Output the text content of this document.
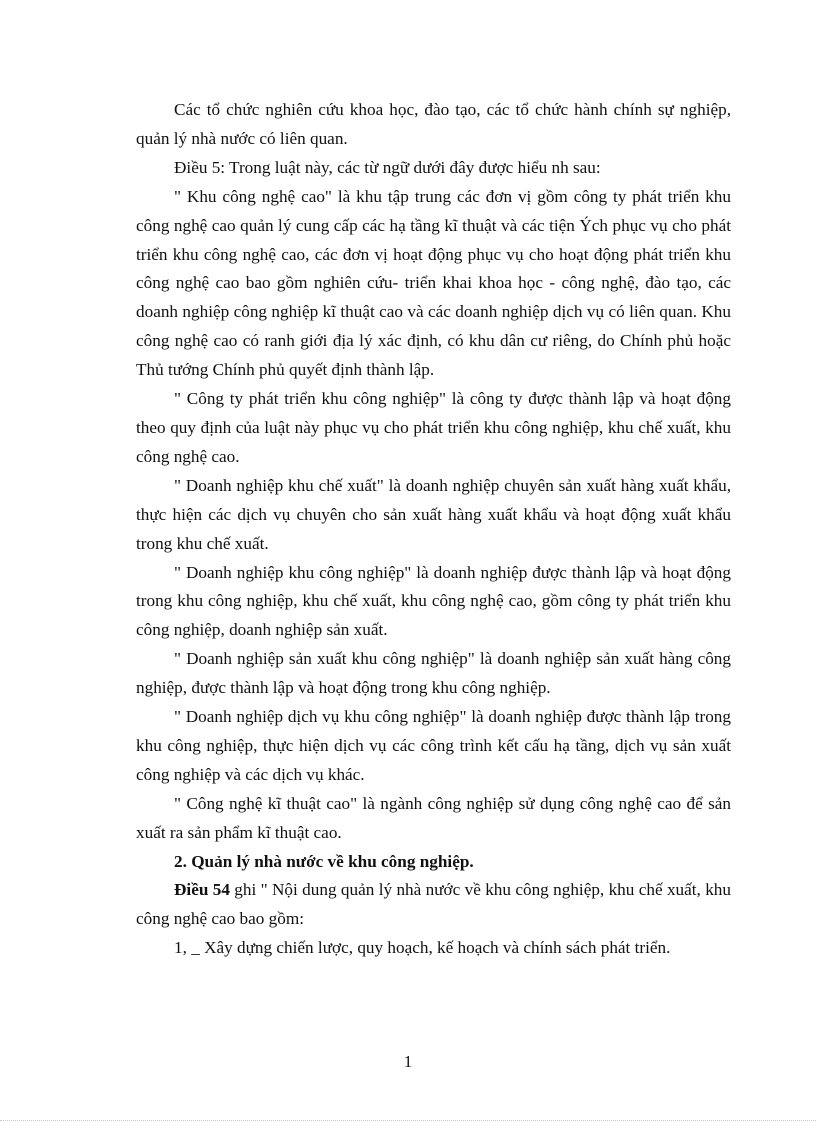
Các tổ chức nghiên cứu khoa học, đào tạo, các tổ chức hành chính sự nghiệp, quản lý nhà nước có liên quan.

Điều 5: Trong luật này, các từ ngữ dưới đây được hiểu nh sau:

" Khu công nghệ cao" là khu tập trung các đơn vị gồm công ty phát triển khu công nghệ cao quản lý cung cấp các hạ tầng kĩ thuật và các tiện Ých phục vụ cho phát triển khu công nghệ cao, các đơn vị hoạt động phục vụ cho hoạt động phát triển khu công nghệ cao bao gồm nghiên cứu- triển khai khoa học - công nghệ, đào tạo, các doanh nghiệp công nghiệp kĩ thuật cao và các doanh nghiệp dịch vụ có liên quan. Khu công nghệ cao có ranh giới địa lý xác định, có khu dân cư riêng, do Chính phủ hoặc Thủ tướng Chính phủ quyết định thành lập.

" Công ty phát triển khu công nghiệp" là công ty được thành lập và hoạt động theo quy định của luật này phục vụ cho phát triển khu công nghiệp, khu chế xuất, khu công nghệ cao.

" Doanh nghiệp khu chế xuất" là doanh nghiệp chuyên sản xuất hàng xuất khẩu, thực hiện các dịch vụ chuyên cho sản xuất hàng xuất khẩu và hoạt động xuất khẩu trong khu chế xuất.

" Doanh nghiệp khu công nghiệp" là doanh nghiệp được thành lập và hoạt động trong khu công nghiệp, khu chế xuất, khu công nghệ cao, gồm công ty phát triển khu công nghiệp, doanh nghiệp sản xuất.

" Doanh nghiệp sản xuất khu công nghiệp" là doanh nghiệp sản xuất hàng công nghiệp, được thành lập và hoạt động trong khu công nghiệp.

" Doanh nghiệp dịch vụ khu công nghiệp" là doanh nghiệp được thành lập trong khu công nghiệp, thực hiện dịch vụ các công trình kết cấu hạ tầng, dịch vụ sản xuất công nghiệp và các dịch vụ khác.

" Công nghệ kĩ thuật cao" là ngành công nghiệp sử dụng công nghệ cao để sản xuất ra sản phẩm kĩ thuật cao.

2. Quản lý nhà nước về khu công nghiệp.

Điều 54 ghi " Nội dung quản lý nhà nước về khu công nghiệp, khu chế xuất, khu công nghệ cao bao gồm:

1, _ Xây dựng chiến lược, quy hoạch, kế hoạch và chính sách phát triển.

1
